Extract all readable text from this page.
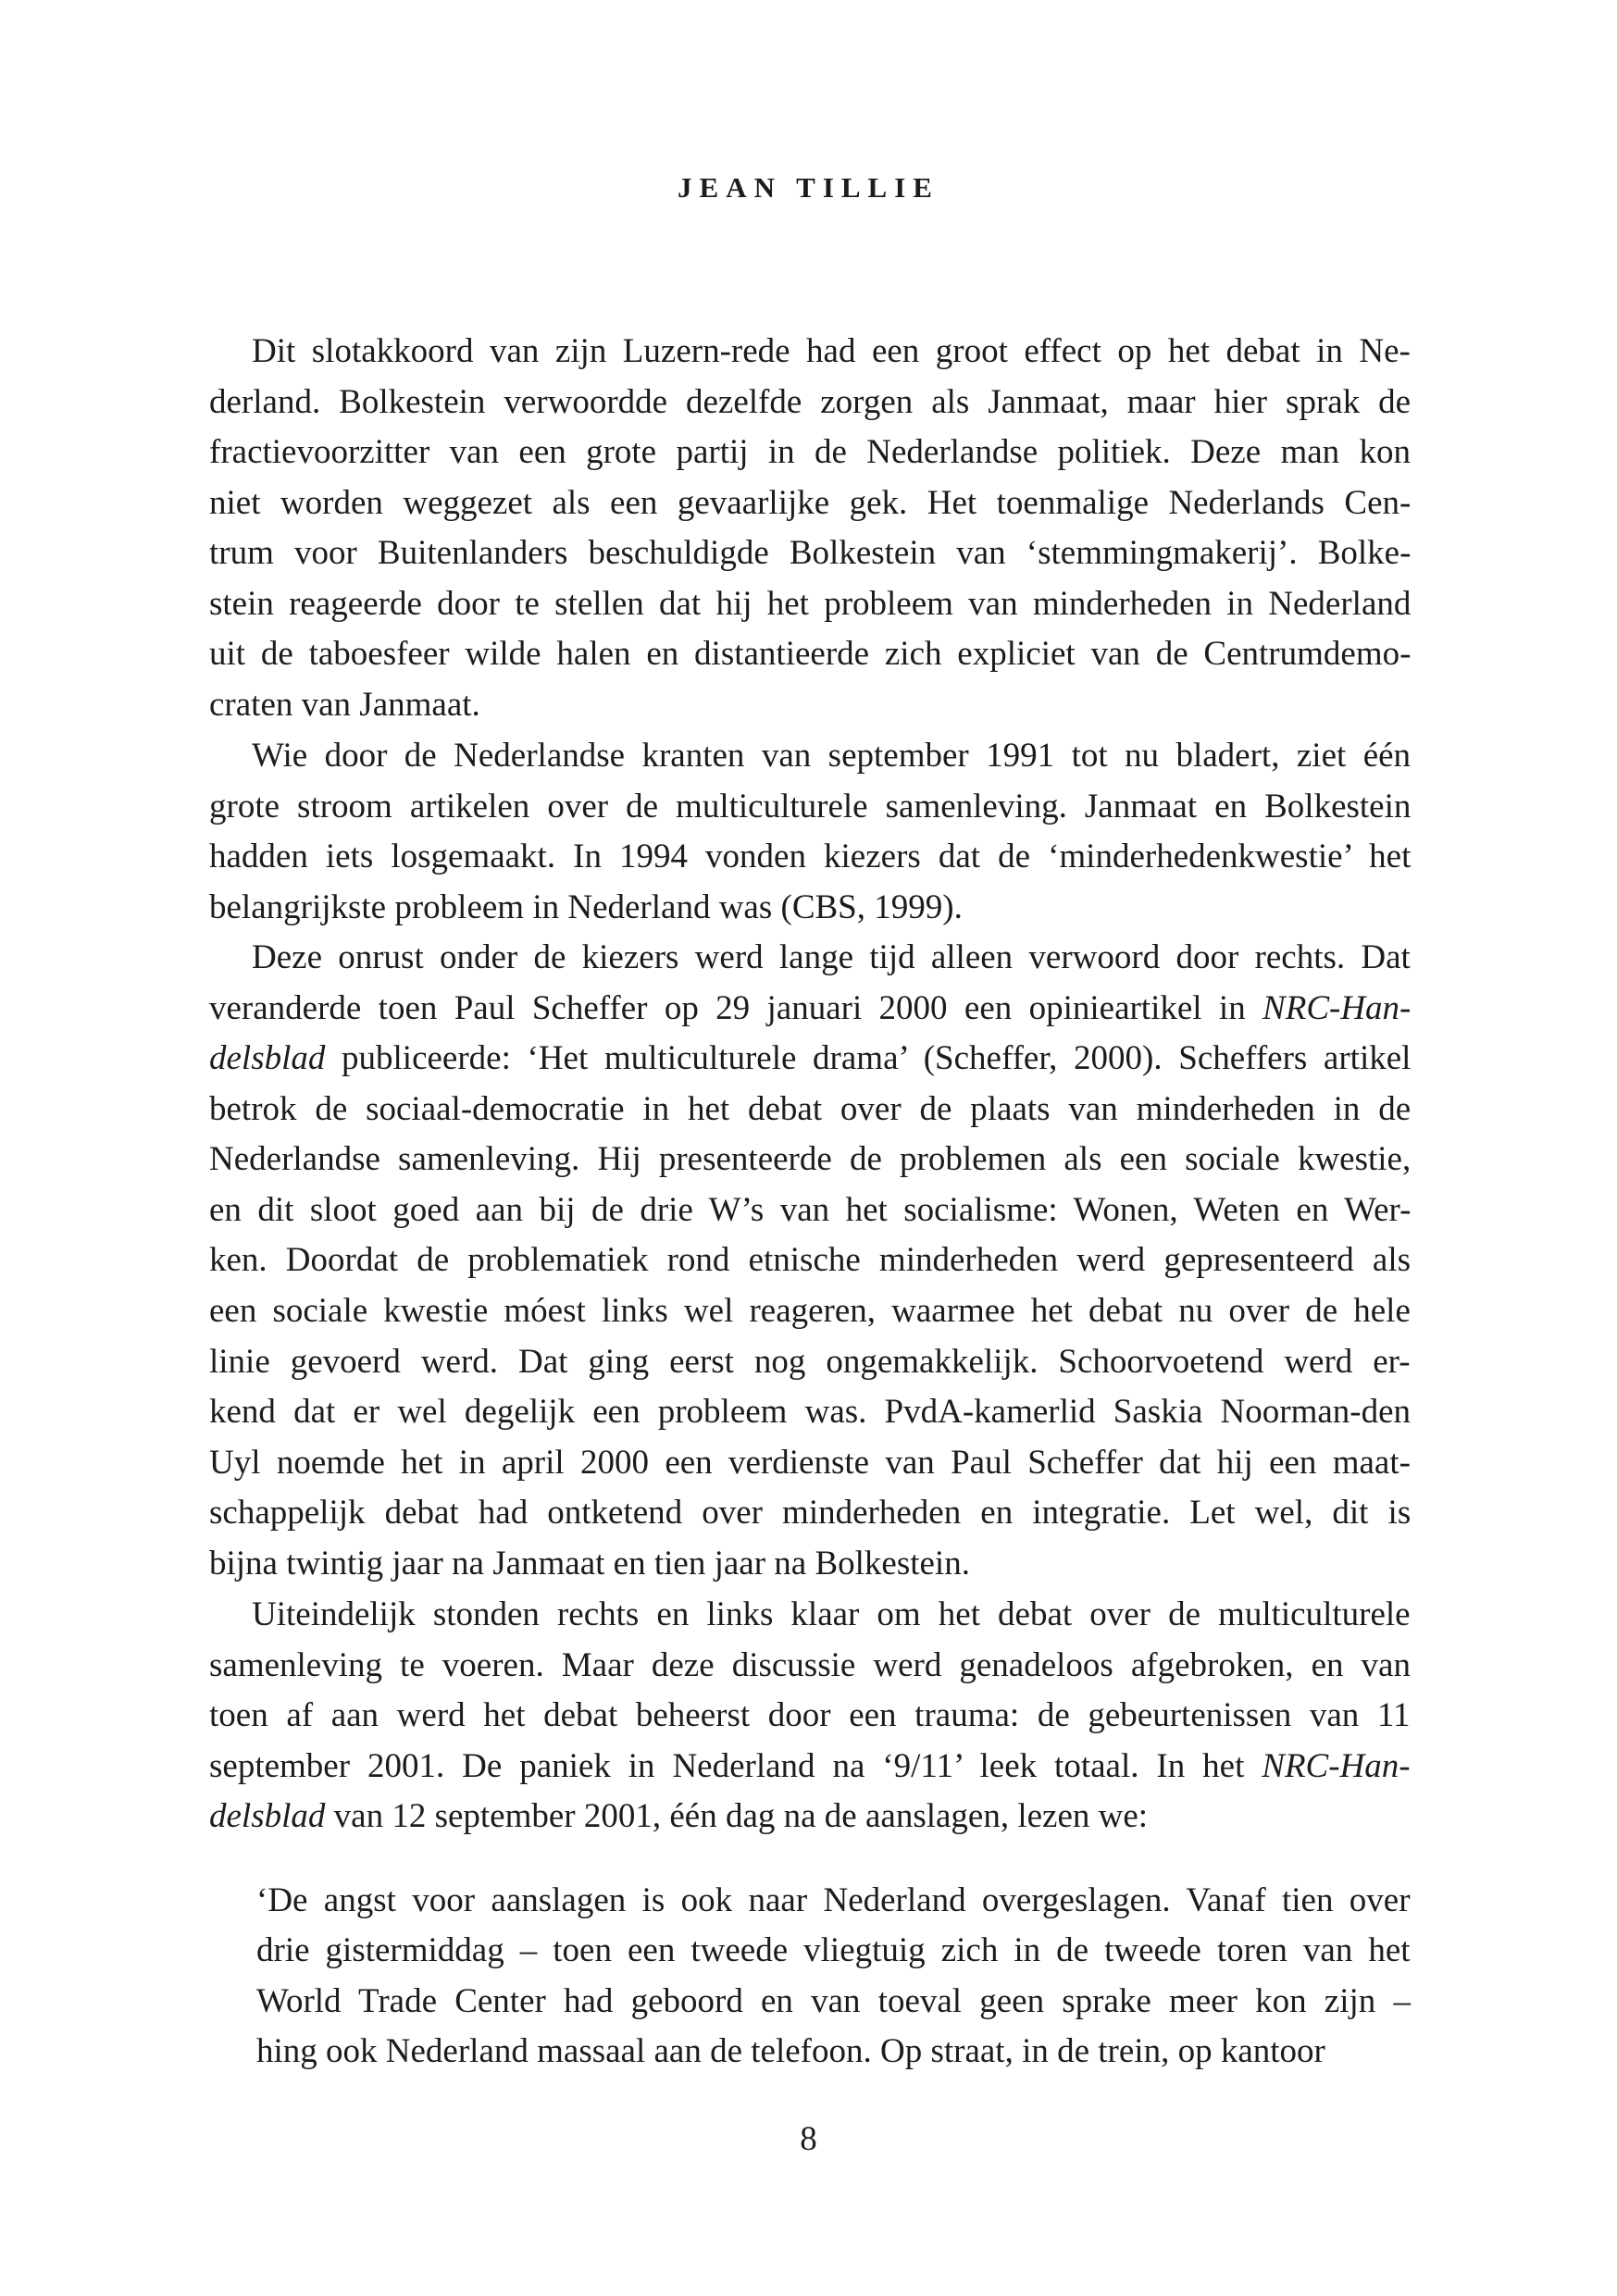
JEAN TILLIE
Dit slotakkoord van zijn Luzern-rede had een groot effect op het debat in Ne-
derland. Bolkestein verwoordde dezelfde zorgen als Janmaat, maar hier sprak de
fractievoorzitter van een grote partij in de Nederlandse politiek. Deze man kon
niet worden weggezet als een gevaarlijke gek. Het toenmalige Nederlands Cen-
trum voor Buitenlanders beschuldigde Bolkestein van ‘stemmingmakerij’. Bolke-
stein reageerde door te stellen dat hij het probleem van minderheden in Nederland
uit de taboesfeer wilde halen en distantieerde zich expliciet van de Centrumdemo-
craten van Janmaat.
Wie door de Nederlandse kranten van september 1991 tot nu bladert, ziet één
grote stroom artikelen over de multiculturele samenleving. Janmaat en Bolkestein
hadden iets losgemaakt. In 1994 vonden kiezers dat de ‘minderhedenkwestie’ het
belangrijkste probleem in Nederland was (CBS, 1999).
Deze onrust onder de kiezers werd lange tijd alleen verwoord door rechts. Dat
veranderde toen Paul Scheffer op 29 januari 2000 een opinieartikel in NRC-Han-
delsblad publiceerde: ‘Het multiculturele drama’ (Scheffer, 2000). Scheffers artikel
betrok de sociaal-democratie in het debat over de plaats van minderheden in de
Nederlandse samenleving. Hij presenteerde de problemen als een sociale kwestie,
en dit sloot goed aan bij de drie W’s van het socialisme: Wonen, Weten en Wer-
ken. Doordat de problematiek rond etnische minderheden werd gepresenteerd als
een sociale kwestie móest links wel reageren, waarmee het debat nu over de hele
linie gevoerd werd. Dat ging eerst nog ongemakkelijk. Schoorvoetend werd er-
kend dat er wel degelijk een probleem was. PvdA-kamerlid Saskia Noorman-den
Uyl noemde het in april 2000 een verdienste van Paul Scheffer dat hij een maat-
schappelijk debat had ontketend over minderheden en integratie. Let wel, dit is
bijna twintig jaar na Janmaat en tien jaar na Bolkestein.
Uiteindelijk stonden rechts en links klaar om het debat over de multiculturele
samenleving te voeren. Maar deze discussie werd genadeloos afgebroken, en van
toen af aan werd het debat beheerst door een trauma: de gebeurtenissen van 11
september 2001. De paniek in Nederland na ‘9/11’ leek totaal. In het NRC-Han-
delsblad van 12 september 2001, één dag na de aanslagen, lezen we:
‘De angst voor aanslagen is ook naar Nederland overgeslagen. Vanaf tien over
drie gistermiddag – toen een tweede vliegtuig zich in de tweede toren van het
World Trade Center had geboord en van toeval geen sprake meer kon zijn –
hing ook Nederland massaal aan de telefoon. Op straat, in de trein, op kantoor
8
